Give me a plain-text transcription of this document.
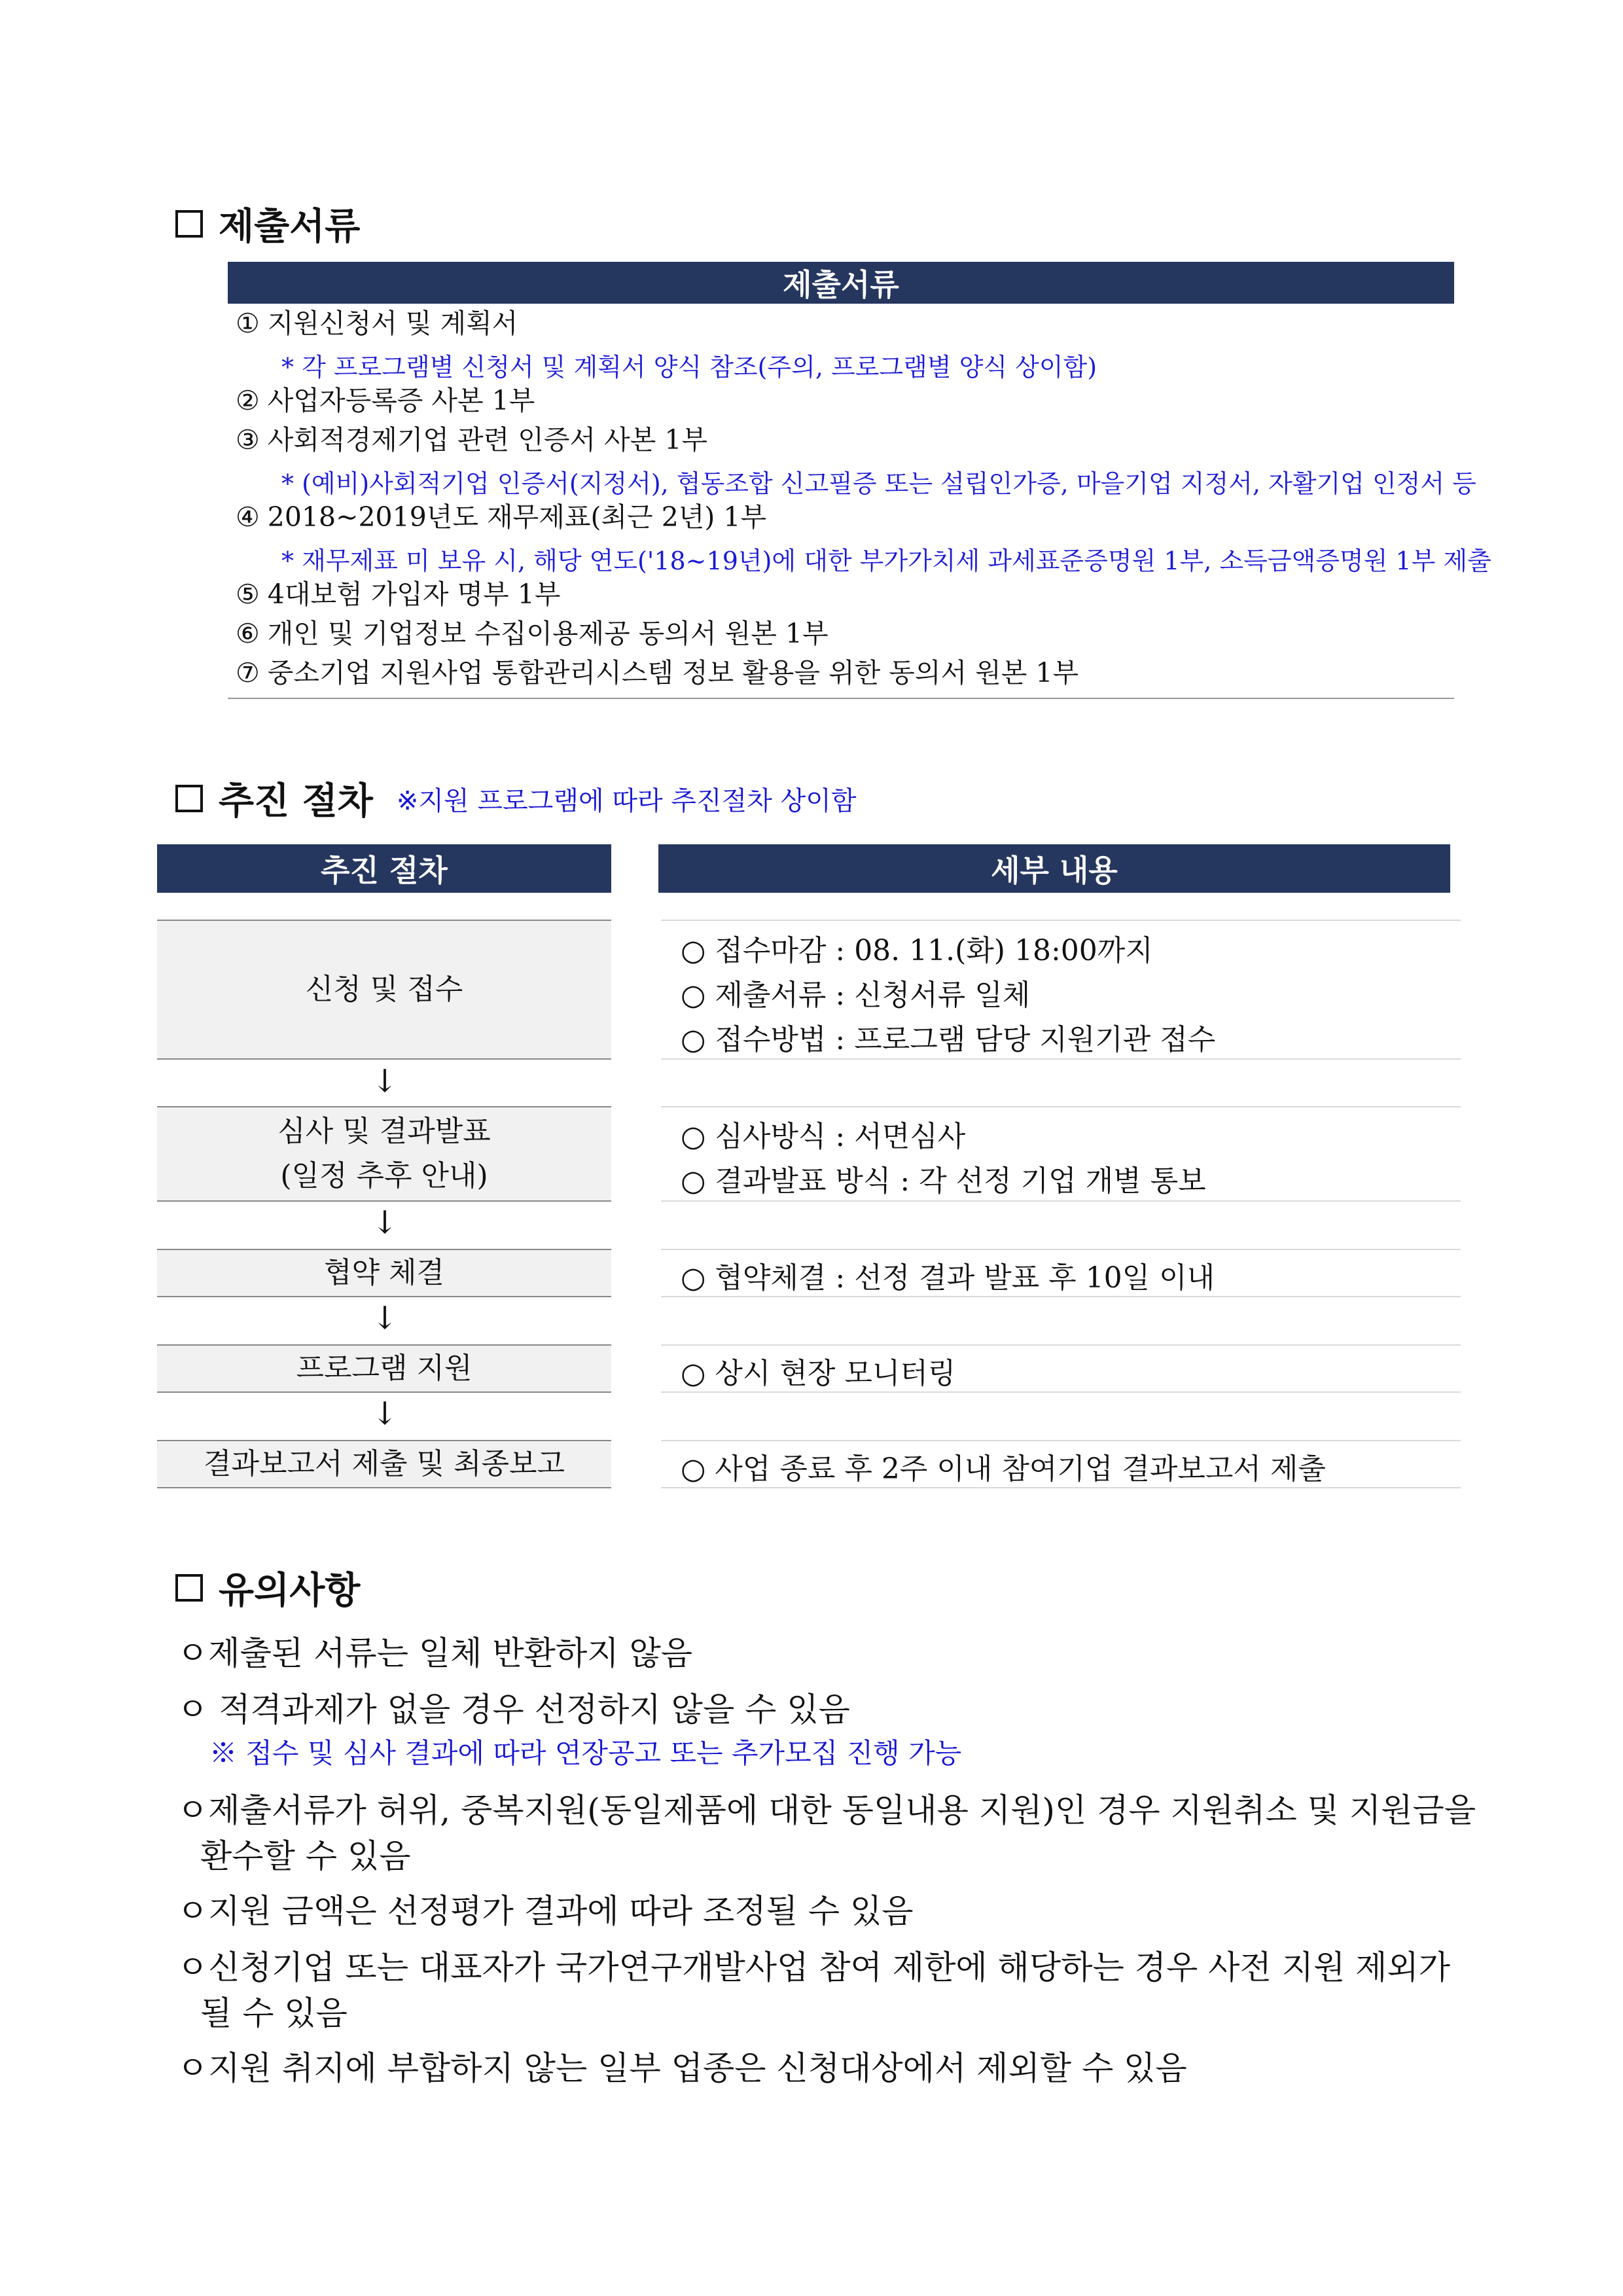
제출서류
제출서류
① 지원신청서 및 계획서
* 각 프로그램별 신청서 및 계획서 양식 참조(주의, 프로그램별 양식 상이함)
② 사업자등록증 사본 1부
③ 사회적경제기업 관련 인증서 사본 1부
* (예비)사회적기업 인증서(지정서), 협동조합 신고필증 또는 설립인가증, 마을기업 지정서, 자활기업 인정서 등
④ 2018~2019년도 재무제표(최근 2년) 1부
* 재무제표 미 보유 시, 해당 연도('18~19년)에 대한 부가가치세 과세표준증명원 1부, 소득금액증명원 1부 제출
⑤ 4대보험 가입자 명부 1부
⑥ 개인 및 기업정보 수집이용제공 동의서 원본 1부
⑦ 중소기업 지원사업 통합관리시스템 정보 활용을 위한 동의서 원본 1부
추진 절차 ※지원 프로그램에 따라 추진절차 상이함
추진 절차	세부 내용
신청 및 접수
↓
심사 및 결과발표
(일정 추후 안내)
↓
협약 체결
↓
프로그램 지원
↓
결과보고서 제출 및 최종보고
○ 접수마감 : 08. 11.(화) 18:00까지
○ 제출서류 : 신청서류 일체
○ 접수방법 : 프로그램 담당 지원기관 접수
○ 심사방식 : 서면심사
○ 결과발표 방식 : 각 선정 기업 개별 통보
○ 협약체결 : 선정 결과 발표 후 10일 이내
○ 상시 현장 모니터링
○ 사업 종료 후 2주 이내 참여기업 결과보고서 제출
유의사항
ㅇ제출된 서류는 일체 반환하지 않음
ㅇ 적격과제가 없을 경우 선정하지 않을 수 있음
※ 접수 및 심사 결과에 따라 연장공고 또는 추가모집 진행 가능
ㅇ제출서류가 허위, 중복지원(동일제품에 대한 동일내용 지원)인 경우 지원취소 및 지원금을
환수할 수 있음
ㅇ지원 금액은 선정평가 결과에 따라 조정될 수 있음
ㅇ신청기업 또는 대표자가 국가연구개발사업 참여 제한에 해당하는 경우 사전 지원 제외가
될 수 있음
ㅇ지원 취지에 부합하지 않는 일부 업종은 신청대상에서 제외할 수 있음
